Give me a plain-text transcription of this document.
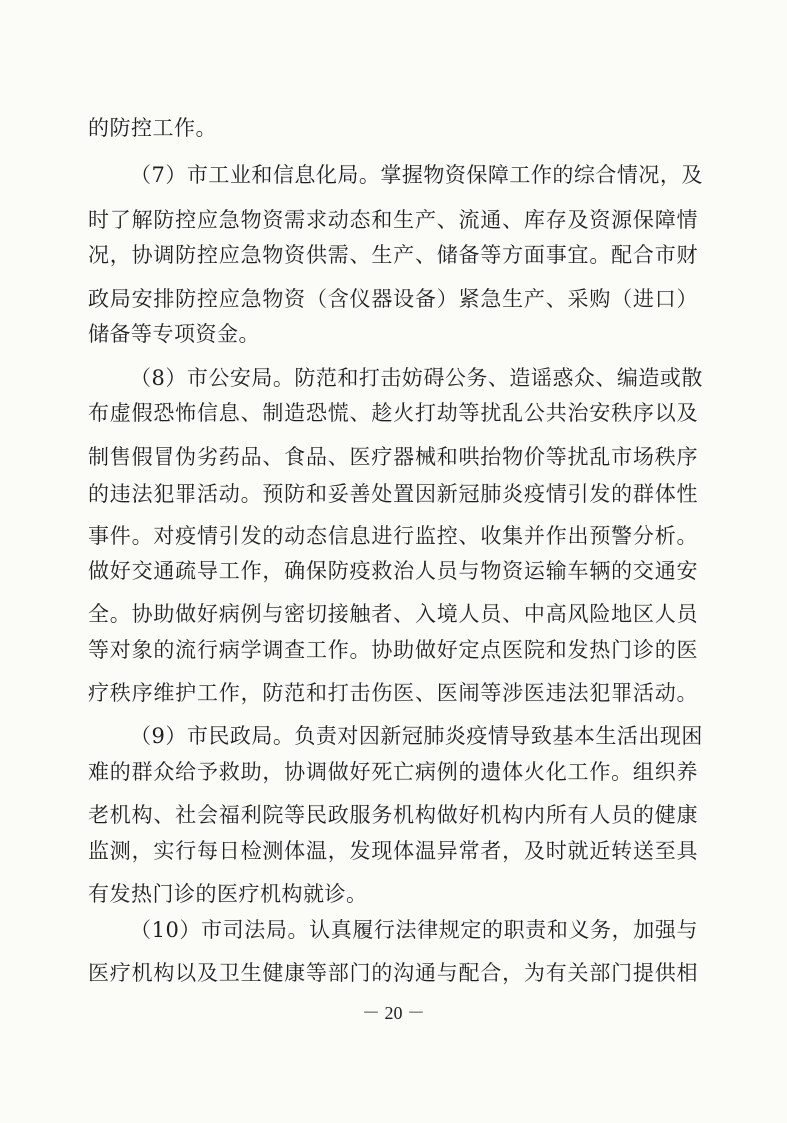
的防控工作。
（7）市工业和信息化局。掌握物资保障工作的综合情况，及
时了解防控应急物资需求动态和生产、流通、库存及资源保障情
况，协调防控应急物资供需、生产、储备等方面事宜。配合市财
政局安排防控应急物资（含仪器设备）紧急生产、采购（进口）
储备等专项资金。
（8）市公安局。防范和打击妨碍公务、造谣惑众、编造或散
布虚假恐怖信息、制造恐慌、趁火打劫等扰乱公共治安秩序以及
制售假冒伪劣药品、食品、医疗器械和哄抬物价等扰乱市场秩序
的违法犯罪活动。预防和妥善处置因新冠肺炎疫情引发的群体性
事件。对疫情引发的动态信息进行监控、收集并作出预警分析。
做好交通疏导工作，确保防疫救治人员与物资运输车辆的交通安
全。协助做好病例与密切接触者、入境人员、中高风险地区人员
等对象的流行病学调查工作。协助做好定点医院和发热门诊的医
疗秩序维护工作，防范和打击伤医、医闹等涉医违法犯罪活动。
（9）市民政局。负责对因新冠肺炎疫情导致基本生活出现困
难的群众给予救助，协调做好死亡病例的遗体火化工作。组织养
老机构、社会福利院等民政服务机构做好机构内所有人员的健康
监测，实行每日检测体温，发现体温异常者，及时就近转送至具
有发热门诊的医疗机构就诊。
（10）市司法局。认真履行法律规定的职责和义务，加强与
医疗机构以及卫生健康等部门的沟通与配合，为有关部门提供相
－ 20 －
